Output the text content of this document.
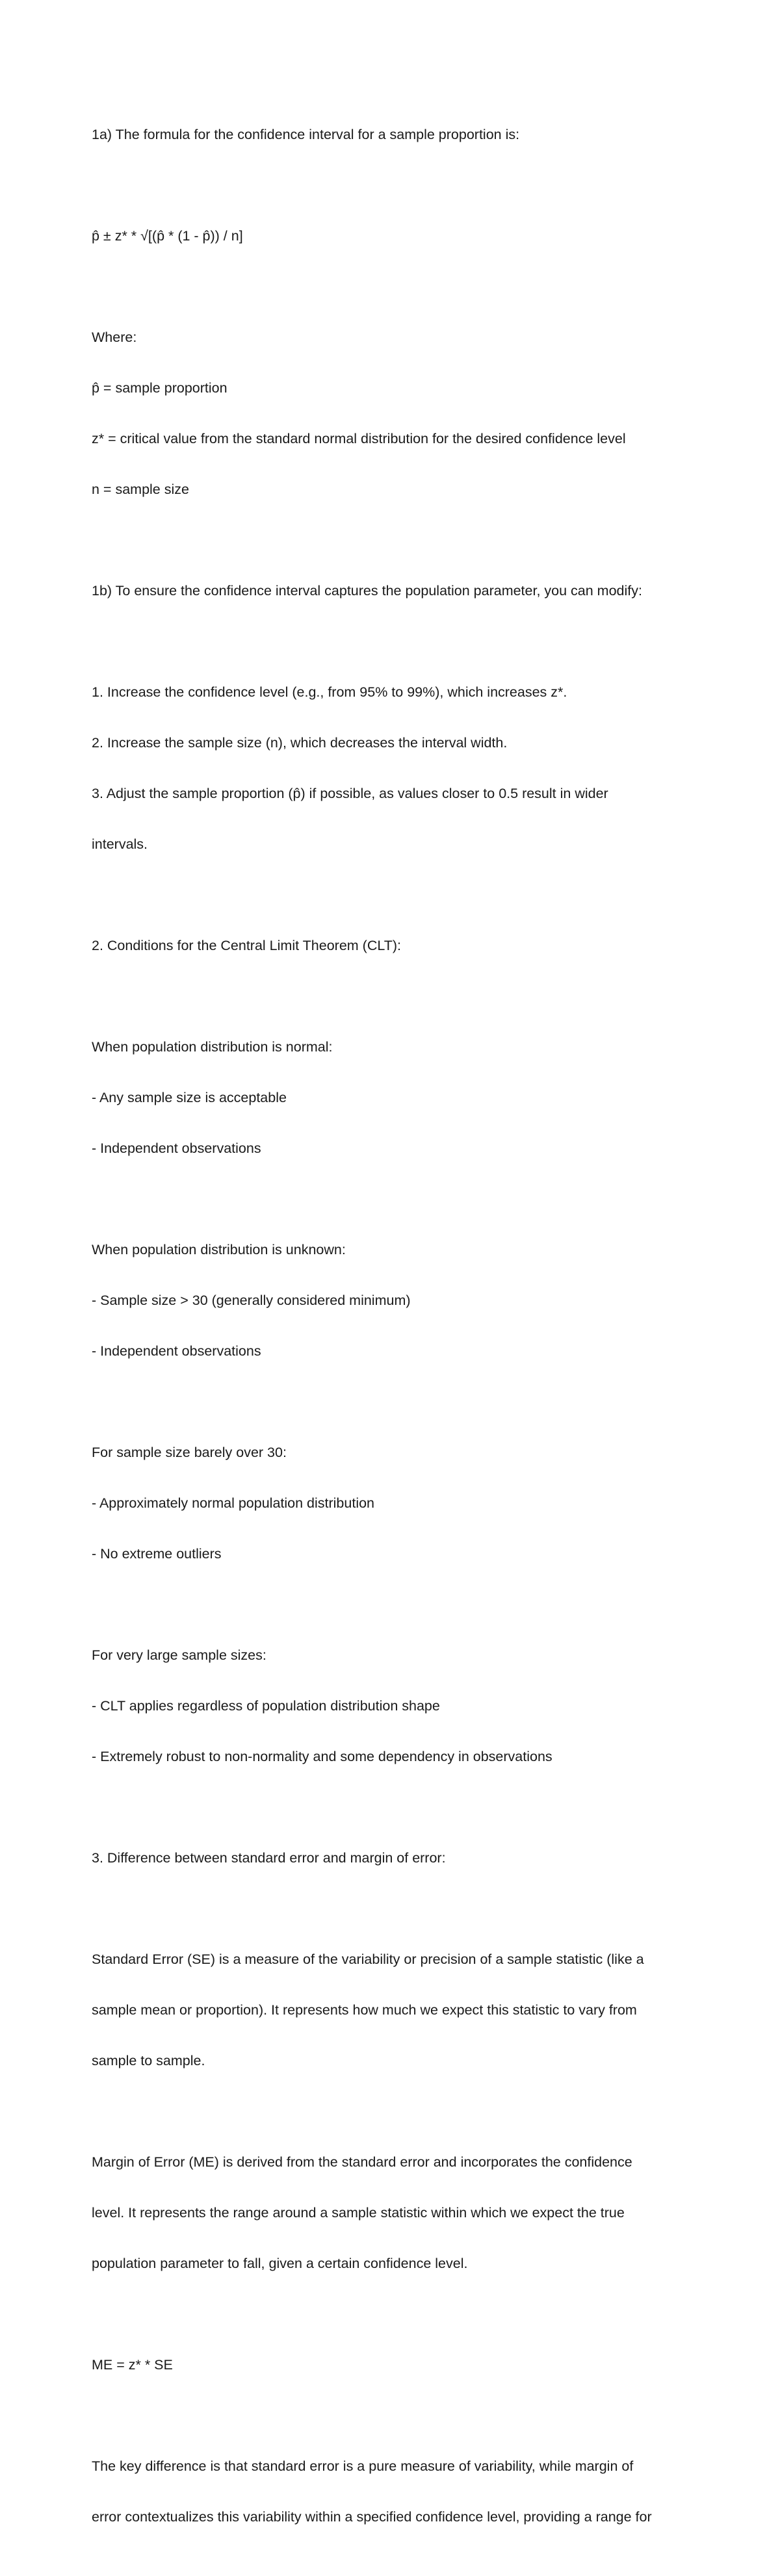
1a) The formula for the confidence interval for a sample proportion is:

p̂ ± z* * √[(p̂ * (1 - p̂)) / n]

Where:

p̂ = sample proportion

z* = critical value from the standard normal distribution for the desired confidence level

n = sample size

1b) To ensure the confidence interval captures the population parameter, you can modify:

1. Increase the confidence level (e.g., from 95% to 99%), which increases z*.

2. Increase the sample size (n), which decreases the interval width.

3. Adjust the sample proportion (p̂) if possible, as values closer to 0.5 result in wider

intervals.

2. Conditions for the Central Limit Theorem (CLT):

When population distribution is normal:

- Any sample size is acceptable

- Independent observations

When population distribution is unknown:

- Sample size > 30 (generally considered minimum)

- Independent observations

For sample size barely over 30:

- Approximately normal population distribution

- No extreme outliers

For very large sample sizes:

- CLT applies regardless of population distribution shape

- Extremely robust to non-normality and some dependency in observations

3. Difference between standard error and margin of error:

Standard Error (SE) is a measure of the variability or precision of a sample statistic (like a

sample mean or proportion). It represents how much we expect this statistic to vary from

sample to sample.

Margin of Error (ME) is derived from the standard error and incorporates the confidence

level. It represents the range around a sample statistic within which we expect the true

population parameter to fall, given a certain confidence level.

ME = z* * SE

The key difference is that standard error is a pure measure of variability, while margin of

error contextualizes this variability within a specified confidence level, providing a range for
